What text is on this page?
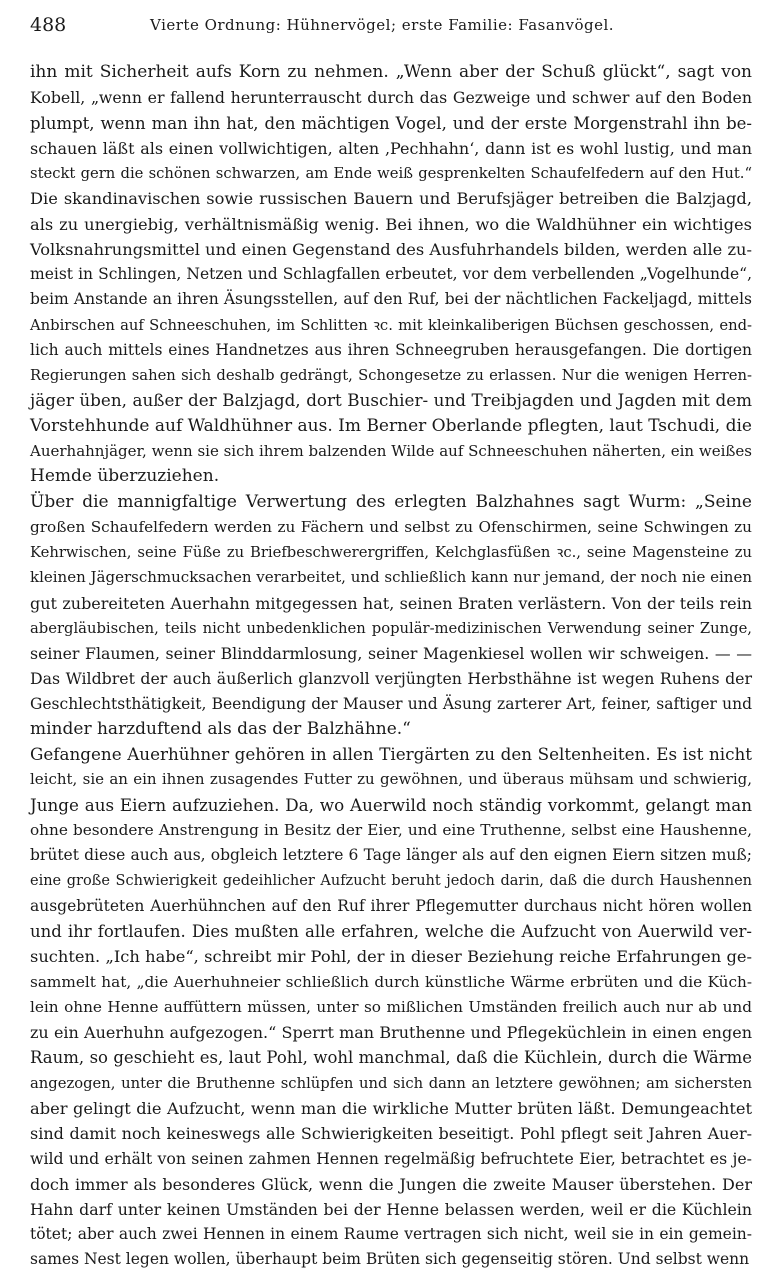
488	Vierte Ordnung: Hühnervögel; erste Familie: Fasanvögel.
ihn mit Sicherheit aufs Korn zu nehmen. „Wenn aber der Schuß glückt“, sagt von
Kobell, „wenn er fallend herunterrauscht durch das Gezweige und schwer auf den Boden
plumpt, wenn man ihn hat, den mächtigen Vogel, und der erste Morgenstrahl ihn be-
schauen läßt als einen vollwichtigen, alten ‚Pechhahn‘, dann ist es wohl lustig, und man
steckt gern die schönen schwarzen, am Ende weiß gesprenkelten Schaufelfedern auf den Hut.“
Die skandinavischen sowie russischen Bauern und Berufsjäger betreiben die Balzjagd,
als zu unergiebig, verhältnismäßig wenig. Bei ihnen, wo die Waldhühner ein wichtiges
Volksnahrungsmittel und einen Gegenstand des Ausfuhrhandels bilden, werden alle zu-
meist in Schlingen, Netzen und Schlagfallen erbeutet, vor dem verbellenden „Vogelhunde“,
beim Anstande an ihren Äsungsstellen, auf den Ruf, bei der nächtlichen Fackeljagd, mittels
Anbirschen auf Schneeschuhen, im Schlitten ꝛc. mit kleinkaliberigen Büchsen geschossen, end-
lich auch mittels eines Handnetzes aus ihren Schneegruben herausgefangen. Die dortigen
Regierungen sahen sich deshalb gedrängt, Schongesetze zu erlassen. Nur die wenigen Herren-
jäger üben, außer der Balzjagd, dort Buschier- und Treibjagden und Jagden mit dem
Vorstehhunde auf Waldhühner aus. Im Berner Oberlande pflegten, laut Tschudi, die
Auerhahnjäger, wenn sie sich ihrem balzenden Wilde auf Schneeschuhen näherten, ein weißes
Hemde überzuziehen.
Über die mannigfaltige Verwertung des erlegten Balzhahnes sagt Wurm: „Seine
großen Schaufelfedern werden zu Fächern und selbst zu Ofenschirmen, seine Schwingen zu
Kehrwischen, seine Füße zu Briefbeschwerergriffen, Kelchglasfüßen ꝛc., seine Magensteine zu
kleinen Jägerschmucksachen verarbeitet, und schließlich kann nur jemand, der noch nie einen
gut zubereiteten Auerhahn mitgegessen hat, seinen Braten verlästern. Von der teils rein
abergläubischen, teils nicht unbedenklichen populär-medizinischen Verwendung seiner Zunge,
seiner Flaumen, seiner Blinddarmlosung, seiner Magenkiesel wollen wir schweigen. — —
Das Wildbret der auch äußerlich glanzvoll verjüngten Herbsthähne ist wegen Ruhens der
Geschlechtsthätigkeit, Beendigung der Mauser und Äsung zarterer Art, feiner, saftiger und
minder harzduftend als das der Balzhähne.“
Gefangene Auerhühner gehören in allen Tiergärten zu den Seltenheiten. Es ist nicht
leicht, sie an ein ihnen zusagendes Futter zu gewöhnen, und überaus mühsam und schwierig,
Junge aus Eiern aufzuziehen. Da, wo Auerwild noch ständig vorkommt, gelangt man
ohne besondere Anstrengung in Besitz der Eier, und eine Truthenne, selbst eine Haushenne,
brütet diese auch aus, obgleich letztere 6 Tage länger als auf den eignen Eiern sitzen muß;
eine große Schwierigkeit gedeihlicher Aufzucht beruht jedoch darin, daß die durch Haushennen
ausgebrüteten Auerhühnchen auf den Ruf ihrer Pflegemutter durchaus nicht hören wollen
und ihr fortlaufen. Dies mußten alle erfahren, welche die Aufzucht von Auerwild ver-
suchten. „Ich habe“, schreibt mir Pohl, der in dieser Beziehung reiche Erfahrungen ge-
sammelt hat, „die Auerhuhneier schließlich durch künstliche Wärme erbrüten und die Küch-
lein ohne Henne auffüttern müssen, unter so mißlichen Umständen freilich auch nur ab und
zu ein Auerhuhn aufgezogen.“ Sperrt man Bruthenne und Pflegeküchlein in einen engen
Raum, so geschieht es, laut Pohl, wohl manchmal, daß die Küchlein, durch die Wärme
angezogen, unter die Bruthenne schlüpfen und sich dann an letztere gewöhnen; am sichersten
aber gelingt die Aufzucht, wenn man die wirkliche Mutter brüten läßt. Demungeachtet
sind damit noch keineswegs alle Schwierigkeiten beseitigt. Pohl pflegt seit Jahren Auer-
wild und erhält von seinen zahmen Hennen regelmäßig befruchtete Eier, betrachtet es je-
doch immer als besonderes Glück, wenn die Jungen die zweite Mauser überstehen. Der
Hahn darf unter keinen Umständen bei der Henne belassen werden, weil er die Küchlein
tötet; aber auch zwei Hennen in einem Raume vertragen sich nicht, weil sie in ein gemein-
sames Nest legen wollen, überhaupt beim Brüten sich gegenseitig stören. Und selbst wenn
